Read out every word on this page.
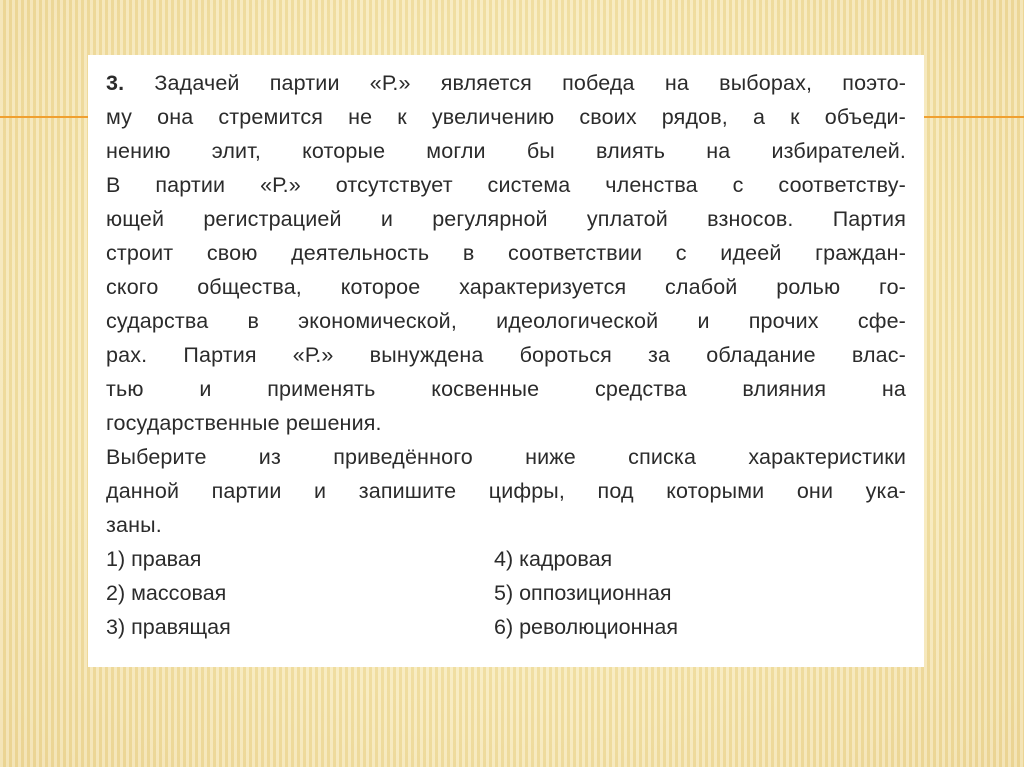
3. Задачей партии «Р.» является победа на выборах, поэто-

му она стремится не к увеличению своих рядов, а к объеди-

нению элит, которые могли бы влиять на избирателей.

В партии «Р.» отсутствует система членства с соответству-

ющей регистрацией и регулярной уплатой взносов. Партия

строит свою деятельность в соответствии с идеей граждан-

ского общества, которое характеризуется слабой ролью го-

сударства в экономической, идеологической и прочих сфе-

рах. Партия «Р.» вынуждена бороться за обладание влас-

тью и применять косвенные средства влияния на

государственные решения.

Выберите из приведённого ниже списка характеристики

данной партии и запишите цифры, под которыми они ука-

заны.

1) правая	4) кадровая
2) массовая	5) оппозиционная
3) правящая	6) революционная
